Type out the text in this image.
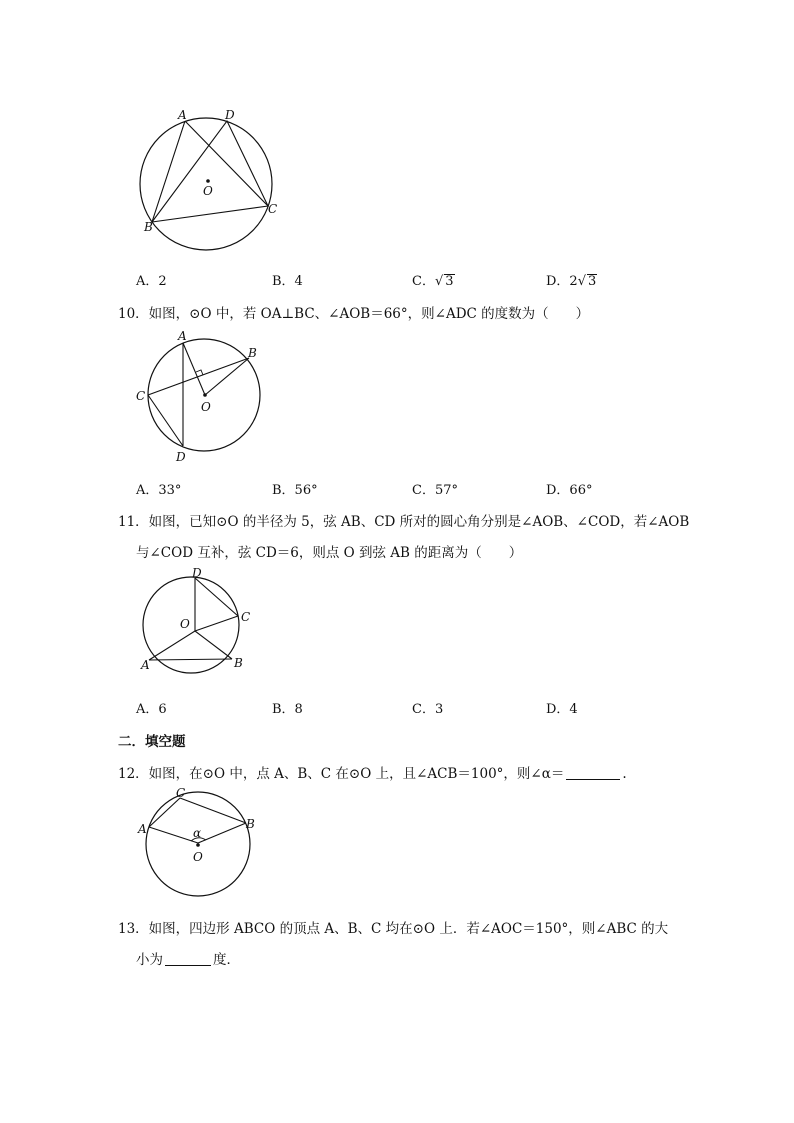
A	D
O
B
C
A．2	B．4	C．√ 3	D．2√ 3
10．如图，⊙O 中，若 OA⊥BC、∠AOB＝66°，则∠ADC 的度数为（　　）
A
B
C
O
D
A．33°	B．56°	C．57°	D．66°
11．如图，已知⊙O 的半径为 5，弦 AB、CD 所对的圆心角分别是∠AOB、∠COD，若∠AOB
与∠COD 互补，弦 CD＝6，则点 O 到弦 AB 的距离为（　　）
D
O	C
A	B
A．6	B．8	C．3	D．4
二．填空题
12．如图，在⊙O 中，点 A、B、C 在⊙O 上，且∠ACB＝100°，则∠α＝	.
C
A	B
α
O
13．如图，四边形 ABCO 的顶点 A、B、C 均在⊙O 上．若∠AOC＝150°，则∠ABC 的大
小为	度．
